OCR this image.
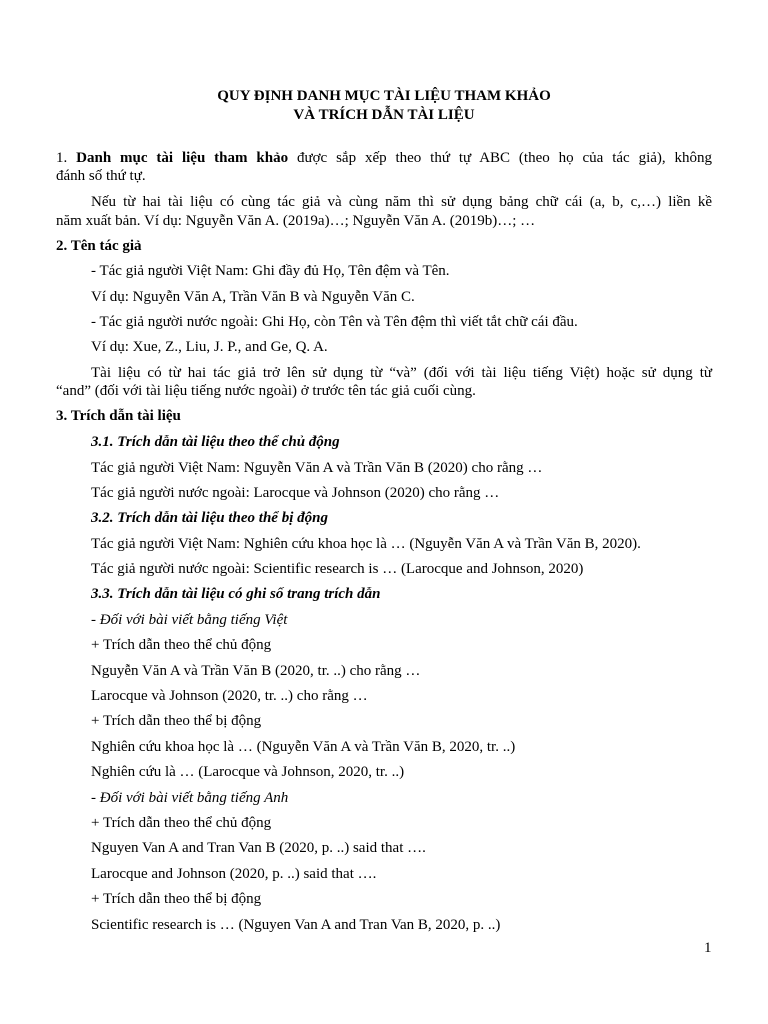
QUY ĐỊNH DANH MỤC TÀI LIỆU THAM KHẢO
VÀ TRÍCH DẪN TÀI LIỆU
1. Danh mục tài liệu tham khảo được sắp xếp theo thứ tự ABC (theo họ của tác giả), không
đánh số thứ tự.
Nếu từ hai tài liệu có cùng tác giả và cùng năm thì sử dụng bảng chữ cái (a, b, c,…) liền kề
năm xuất bản. Ví dụ: Nguyễn Văn A. (2019a)…; Nguyễn Văn A. (2019b)…; …
2. Tên tác giả
- Tác giả người Việt Nam: Ghi đầy đủ Họ, Tên đệm và Tên.
Ví dụ: Nguyễn Văn A, Trần Văn B và Nguyễn Văn C.
- Tác giả người nước ngoài: Ghi Họ, còn Tên và Tên đệm thì viết tắt chữ cái đầu.
Ví dụ: Xue, Z., Liu, J. P., and Ge, Q. A.
Tài liệu có từ hai tác giả trở lên sử dụng từ “và” (đối với tài liệu tiếng Việt) hoặc sử dụng từ
“and” (đối với tài liệu tiếng nước ngoài) ở trước tên tác giả cuối cùng.
3. Trích dẫn tài liệu
3.1. Trích dẫn tài liệu theo thể chủ động
Tác giả người Việt Nam: Nguyễn Văn A và Trần Văn B (2020) cho rằng …
Tác giả người nước ngoài: Larocque và Johnson (2020) cho rằng …
3.2. Trích dẫn tài liệu theo thể bị động
Tác giả người Việt Nam: Nghiên cứu khoa học là … (Nguyễn Văn A và Trần Văn B, 2020).
Tác giả người nước ngoài: Scientific research is … (Larocque and Johnson, 2020)
3.3. Trích dẫn tài liệu có ghi số trang trích dẫn
- Đối với bài viết bằng tiếng Việt
+ Trích dẫn theo thể chủ động
Nguyễn Văn A và Trần Văn B (2020, tr. ..) cho rằng …
Larocque và Johnson (2020, tr. ..) cho rằng …
+ Trích dẫn theo thể bị động
Nghiên cứu khoa học là … (Nguyễn Văn A và Trần Văn B, 2020, tr. ..)
Nghiên cứu là … (Larocque và Johnson, 2020, tr. ..)
- Đối với bài viết bằng tiếng Anh
+ Trích dẫn theo thể chủ động
Nguyen Van A and Tran Van B (2020, p. ..) said that ….
Larocque and Johnson (2020, p. ..) said that ….
+ Trích dẫn theo thể bị động
Scientific research is … (Nguyen Van A and Tran Van B, 2020, p. ..)
1
